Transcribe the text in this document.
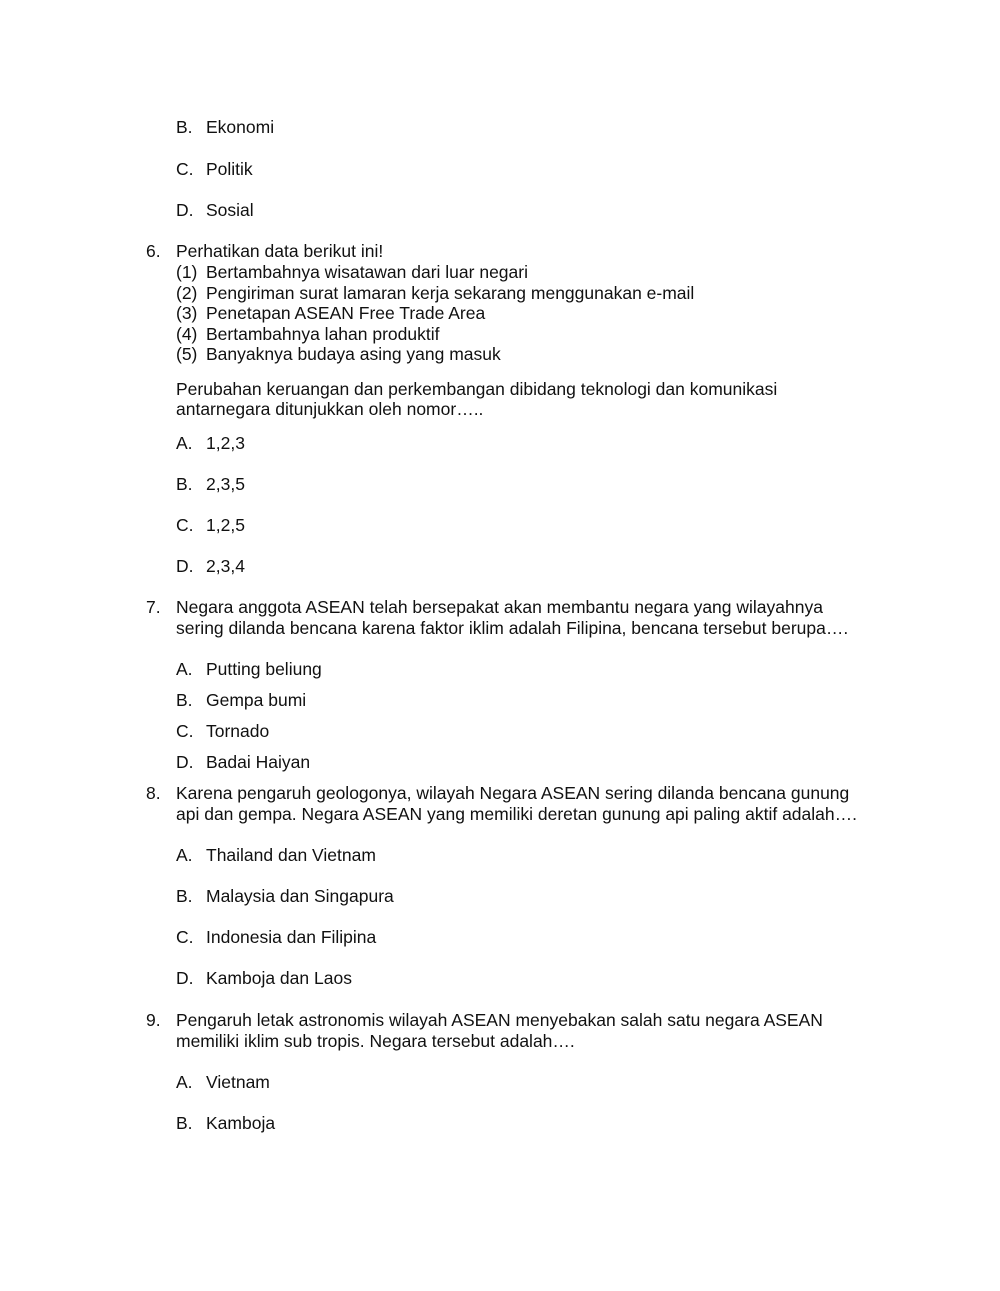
B. Ekonomi
C. Politik
D. Sosial
6. Perhatikan data berikut ini!
(1) Bertambahnya wisatawan dari luar negari
(2) Pengiriman surat lamaran kerja sekarang menggunakan e-mail
(3) Penetapan ASEAN Free Trade Area
(4) Bertambahnya lahan produktif
(5) Banyaknya budaya asing yang masuk
Perubahan keruangan dan perkembangan dibidang teknologi dan komunikasi
antarnegara ditunjukkan oleh nomor…..
A. 1,2,3
B. 2,3,5
C. 1,2,5
D. 2,3,4
7. Negara anggota ASEAN telah bersepakat akan membantu negara yang wilayahnya
sering dilanda bencana karena faktor iklim adalah Filipina, bencana tersebut berupa….
A. Putting beliung
B. Gempa bumi
C. Tornado
D. Badai Haiyan
8. Karena pengaruh geologonya, wilayah Negara ASEAN sering dilanda bencana gunung
api dan gempa. Negara ASEAN yang memiliki deretan gunung api paling aktif adalah….
A. Thailand dan Vietnam
B. Malaysia dan Singapura
C. Indonesia dan Filipina
D. Kamboja dan Laos
9. Pengaruh letak astronomis wilayah ASEAN menyebakan salah satu negara ASEAN
memiliki iklim sub tropis. Negara tersebut adalah….
A. Vietnam
B. Kamboja
